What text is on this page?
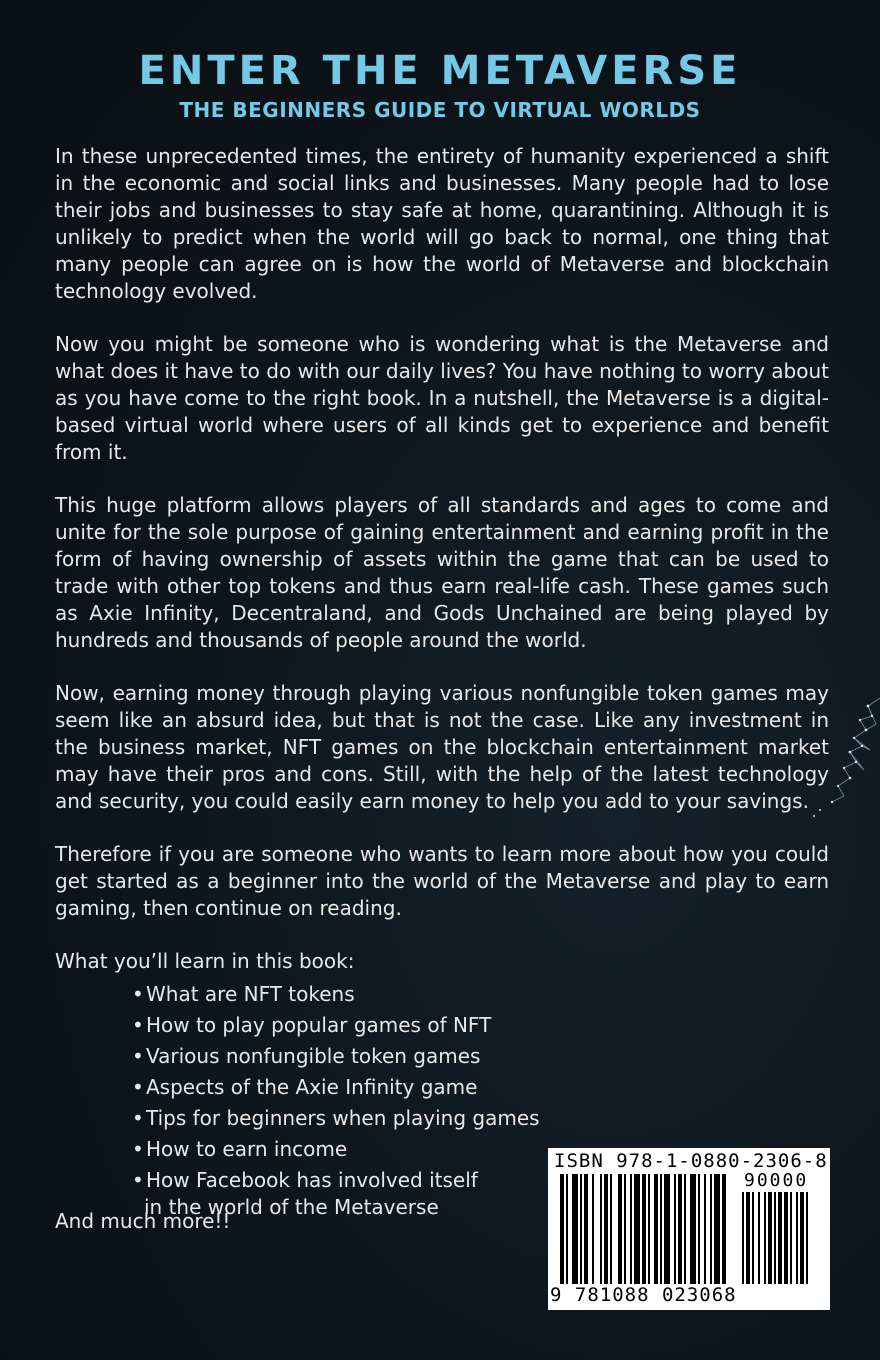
ENTER THE METAVERSE
THE BEGINNERS GUIDE TO VIRTUAL WORLDS

In these unprecedented times, the entirety of humanity experienced a shift in the economic and social links and businesses. Many people had to lose their jobs and businesses to stay safe at home, quarantining. Although it is unlikely to predict when the world will go back to normal, one thing that many people can agree on is how the world of Metaverse and blockchain technology evolved.

Now you might be someone who is wondering what is the Metaverse and what does it have to do with our daily lives? You have nothing to worry about as you have come to the right book. In a nutshell, the Metaverse is a digital-based virtual world where users of all kinds get to experience and benefit from it.

This huge platform allows players of all standards and ages to come and unite for the sole purpose of gaining entertainment and earning profit in the form of having ownership of assets within the game that can be used to trade with other top tokens and thus earn real-life cash. These games such as Axie Infinity, Decentraland, and Gods Unchained are being played by hundreds and thousands of people around the world.

Now, earning money through playing various nonfungible token games may seem like an absurd idea, but that is not the case. Like any investment in the business market, NFT games on the blockchain entertainment market may have their pros and cons. Still, with the help of the latest technology and security, you could easily earn money to help you add to your savings.

Therefore if you are someone who wants to learn more about how you could get started as a beginner into the world of the Metaverse and play to earn gaming, then continue on reading.

What you’ll learn in this book:
• What are NFT tokens
• How to play popular games of NFT
• Various nonfungible token games
• Aspects of the Axie Infinity game
• Tips for beginners when playing games
• How to earn income
• How Facebook has involved itself
in the world of the Metaverse
And much more!!
ISBN 978-1-0880-2306-8
90000
9 781088 023068
